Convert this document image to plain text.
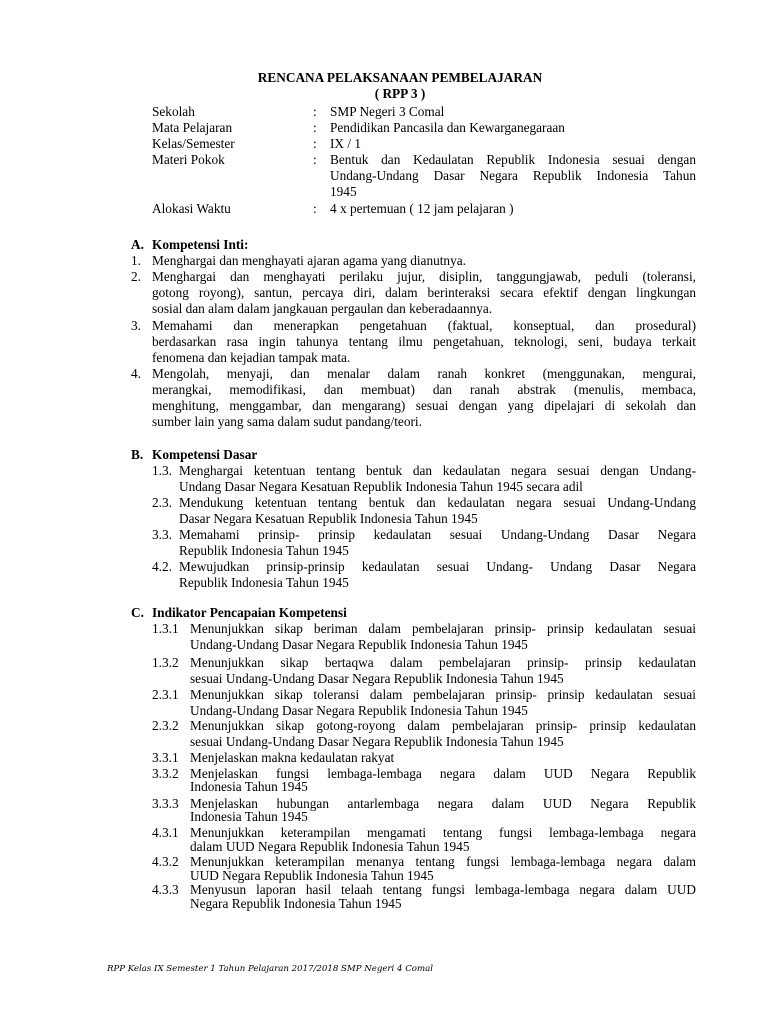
RENCANA PELAKSANAAN PEMBELAJARAN
( RPP 3 )
Sekolah	: SMP Negeri 3 Comal
Mata Pelajaran	: Pendidikan Pancasila dan Kewarganegaraan
Kelas/Semester	: IX / 1
Materi Pokok	: Bentuk dan Kedaulatan Republik Indonesia sesuai dengan
Undang-Undang Dasar Negara Republik Indonesia Tahun
1945
Alokasi Waktu	: 4 x pertemuan ( 12 jam pelajaran )
A. Kompetensi Inti:
1. Menghargai dan menghayati ajaran agama yang dianutnya.
2. Menghargai dan menghayati perilaku jujur, disiplin, tanggungjawab, peduli (toleransi,
gotong royong), santun, percaya diri, dalam berinteraksi secara efektif dengan lingkungan
sosial dan alam dalam jangkauan pergaulan dan keberadaannya.
3. Memahami dan menerapkan pengetahuan (faktual, konseptual, dan prosedural)
berdasarkan rasa ingin tahunya tentang ilmu pengetahuan, teknologi, seni, budaya terkait
fenomena dan kejadian tampak mata.
4. Mengolah, menyaji, dan menalar dalam ranah konkret (menggunakan, mengurai,
merangkai, memodifikasi, dan membuat) dan ranah abstrak (menulis, membaca,
menghitung, menggambar, dan mengarang) sesuai dengan yang dipelajari di sekolah dan
sumber lain yang sama dalam sudut pandang/teori.
B. Kompetensi Dasar
1.3. Menghargai ketentuan tentang bentuk dan kedaulatan negara sesuai dengan Undang-
Undang Dasar Negara Kesatuan Republik Indonesia Tahun 1945 secara adil
2.3. Mendukung ketentuan tentang bentuk dan kedaulatan negara sesuai Undang-Undang
Dasar Negara Kesatuan Republik Indonesia Tahun 1945
3.3. Memahami prinsip- prinsip kedaulatan sesuai Undang-Undang Dasar Negara
Republik Indonesia Tahun 1945
4.2. Mewujudkan prinsip-prinsip kedaulatan sesuai Undang- Undang Dasar Negara
Republik Indonesia Tahun 1945
C. Indikator Pencapaian Kompetensi
1.3.1 Menunjukkan sikap beriman dalam pembelajaran prinsip- prinsip kedaulatan sesuai
Undang-Undang Dasar Negara Republik Indonesia Tahun 1945
1.3.2 Menunjukkan sikap bertaqwa dalam pembelajaran prinsip- prinsip kedaulatan
sesuai Undang-Undang Dasar Negara Republik Indonesia Tahun 1945
2.3.1 Menunjukkan sikap toleransi dalam pembelajaran prinsip- prinsip kedaulatan sesuai
Undang-Undang Dasar Negara Republik Indonesia Tahun 1945
2.3.2 Menunjukkan sikap gotong-royong dalam pembelajaran prinsip- prinsip kedaulatan
sesuai Undang-Undang Dasar Negara Republik Indonesia Tahun 1945
3.3.1 Menjelaskan makna kedaulatan rakyat
3.3.2 Menjelaskan fungsi lembaga-lembaga negara dalam UUD Negara Republik
Indonesia Tahun 1945
3.3.3 Menjelaskan hubungan antarlembaga negara dalam UUD Negara Republik
Indonesia Tahun 1945
4.3.1 Menunjukkan keterampilan mengamati tentang fungsi lembaga-lembaga negara
dalam UUD Negara Republik Indonesia Tahun 1945
4.3.2 Menunjukkan keterampilan menanya tentang fungsi lembaga-lembaga negara dalam
UUD Negara Republik Indonesia Tahun 1945
4.3.3 Menyusun laporan hasil telaah tentang fungsi lembaga-lembaga negara dalam UUD
Negara Republik Indonesia Tahun 1945
RPP Kelas IX Semester 1 Tahun Pelajaran 2017/2018 SMP Negeri 4 Comal
